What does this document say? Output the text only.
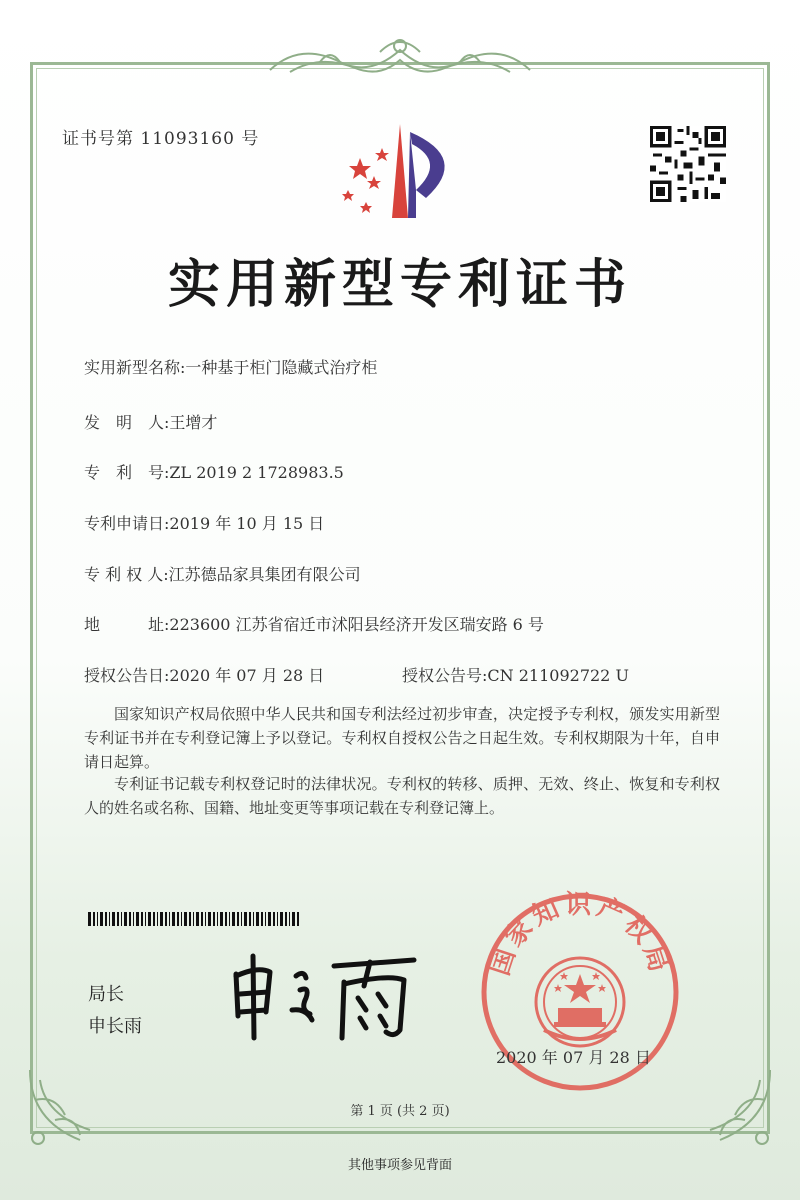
证书号第 11093160 号
实用新型专利证书
实用新型名称:一种基于柜门隐藏式治疗柜
发　明　人:王增才
专　利　号:ZL 2019 2 1728983.5
专利申请日:2019 年 10 月 15 日
专 利 权 人:江苏德品家具集团有限公司
地　　　址:223600 江苏省宿迁市沭阳县经济开发区瑞安路 6 号
授权公告日:2020 年 07 月 28 日	授权公告号:CN 211092722 U
国家知识产权局依照中华人民共和国专利法经过初步审查，决定授予专利权，颁发实用新型专利证书并在专利登记簿上予以登记。专利权自授权公告之日起生效。专利权期限为十年，自申请日起算。
专利证书记载专利权登记时的法律状况。专利权的转移、质押、无效、终止、恢复和专利权人的姓名或名称、国籍、地址变更等事项记载在专利登记簿上。
局长
申长雨
国家知识产权局
2020 年 07 月 28 日
第 1 页 (共 2 页)
其他事项参见背面
